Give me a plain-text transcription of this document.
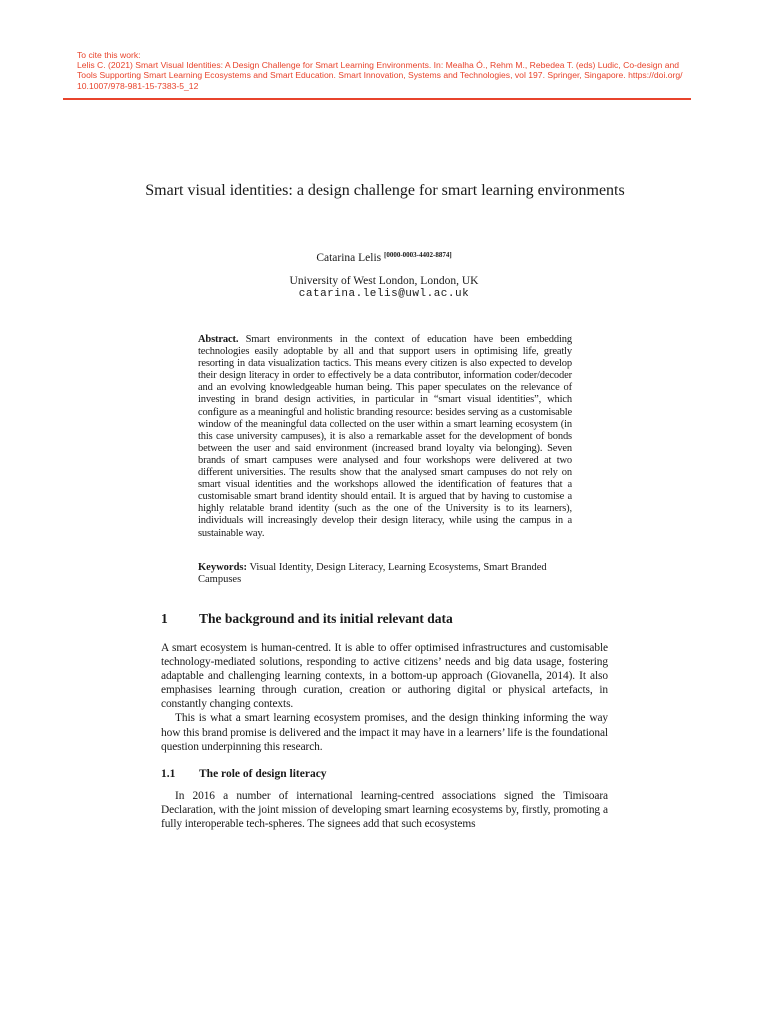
To cite this work:
Lelis C. (2021) Smart Visual Identities: A Design Challenge for Smart Learning Environments. In: Mealha Ó., Rehm M., Rebedea T. (eds) Ludic, Co-design and Tools Supporting Smart Learning Ecosystems and Smart Education. Smart Innovation, Systems and Technologies, vol 197. Springer, Singapore. https://doi.org/ 10.1007/978-981-15-7383-5_12
Smart visual identities: a design challenge for smart learning environments
Catarina Lelis [0000-0003-4402-8874]
University of West London, London, UK
catarina.lelis@uwl.ac.uk
Abstract. Smart environments in the context of education have been embedding technologies easily adoptable by all and that support users in optimising life, greatly resorting in data visualization tactics. This means every citizen is also expected to develop their design literacy in order to effectively be a data contributor, information coder/decoder and an evolving knowledgeable human being. This paper speculates on the relevance of investing in brand design activities, in particular in “smart visual identities”, which configure as a meaningful and holistic branding resource: besides serving as a customisable window of the meaningful data collected on the user within a smart learning ecosystem (in this case university campuses), it is also a remarkable asset for the development of bonds between the user and said environment (increased brand loyalty via belonging). Seven brands of smart campuses were analysed and four workshops were delivered at two different universities. The results show that the analysed smart campuses do not rely on smart visual identities and the workshops allowed the identification of features that a customisable smart brand identity should entail. It is argued that by having to customise a highly relatable brand identity (such as the one of the University is to its learners), individuals will increasingly develop their design literacy, while using the campus in a sustainable way.
Keywords: Visual Identity, Design Literacy, Learning Ecosystems, Smart Branded Campuses
1 The background and its initial relevant data

A smart ecosystem is human-centred. It is able to offer optimised infrastructures and customisable technology-mediated solutions, responding to active citizens’ needs and big data usage, fostering adaptable and challenging learning contexts, in a bottom-up approach (Giovanella, 2014). It also emphasises learning through curation, creation or authoring digital or physical artefacts, in constantly changing contexts.

This is what a smart learning ecosystem promises, and the design thinking informing the way how this brand promise is delivered and the impact it may have in a learners’ life is the foundational question underpinning this research.

1.1 The role of design literacy

In 2016 a number of international learning-centred associations signed the Timisoara Declaration, with the joint mission of developing smart learning ecosystems by, firstly, promoting a fully interoperable tech-spheres. The signees add that such ecosystems
